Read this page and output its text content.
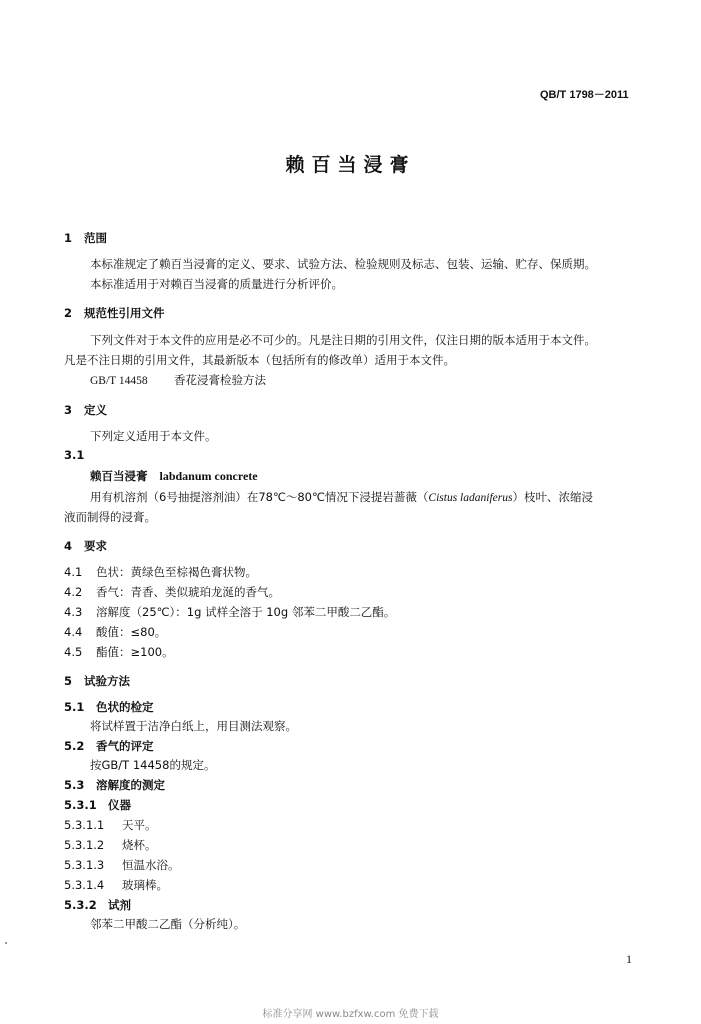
QB/T 1798－2011
赖百当浸膏
1 范围
本标准规定了赖百当浸膏的定义、要求、试验方法、检验规则及标志、包装、运输、贮存、保质期。
本标准适用于对赖百当浸膏的质量进行分析评价。
2 规范性引用文件
下列文件对于本文件的应用是必不可少的。凡是注日期的引用文件，仅注日期的版本适用于本文件。
凡是不注日期的引用文件，其最新版本（包括所有的修改单）适用于本文件。
GB/T 14458 香花浸膏检验方法
3 定义
下列定义适用于本文件。
3.1
赖百当浸膏 labdanum concrete
用有机溶剂（6号抽提溶剂油）在78℃～80℃情况下浸提岩蔷薇（Cistus ladaniferus）枝叶、浓缩浸
液而制得的浸膏。
4 要求
4.1 色状：黄绿色至棕褐色膏状物。
4.2 香气：青香、类似琥珀龙涎的香气。
4.3 溶解度（25℃）：1g 试样全溶于 10g 邻苯二甲酸二乙酯。
4.4 酸值：≤80。
4.5 酯值：≥100。
5 试验方法
5.1 色状的检定
将试样置于洁净白纸上，用目测法观察。
5.2 香气的评定
按GB/T 14458的规定。
5.3 溶解度的测定
5.3.1 仪器
5.3.1.1 天平。
5.3.1.2 烧杯。
5.3.1.3 恒温水浴。
5.3.1.4 玻璃棒。
5.3.2 试剂
邻苯二甲酸二乙酯（分析纯）。
1
标准分享网 www.bzfxw.com 免费下载
